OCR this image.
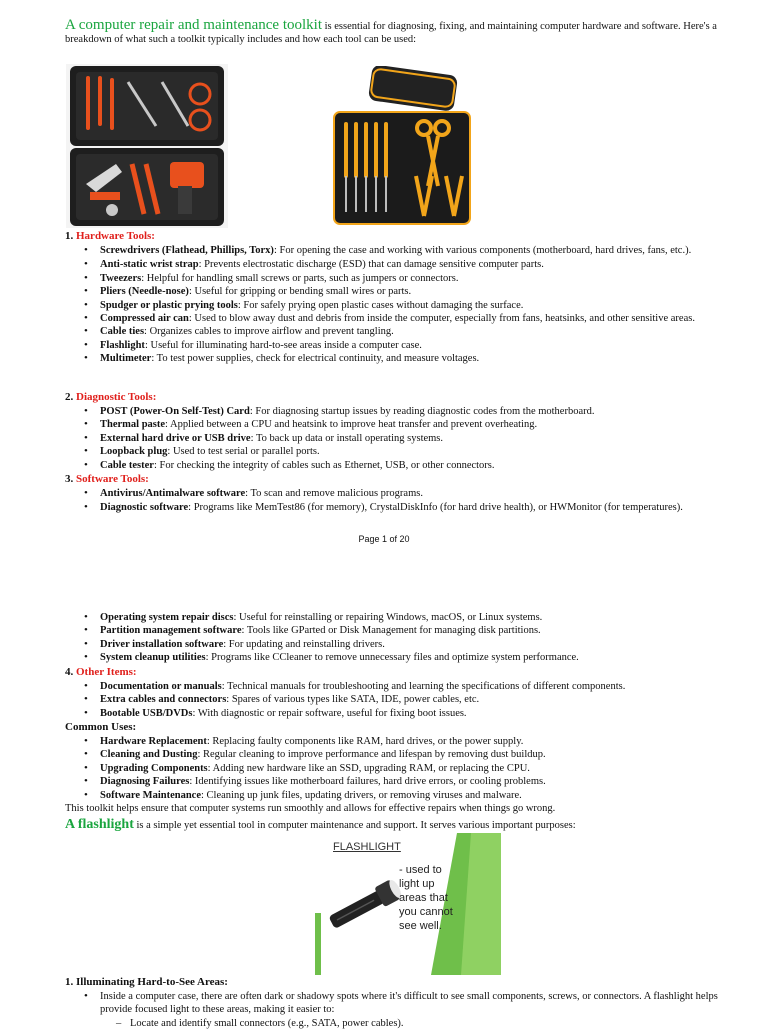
A computer repair and maintenance toolkit is essential for diagnosing, fixing, and maintaining computer hardware and software. Here's a breakdown of what such a toolkit typically includes and how each tool can be used:
1. Hardware Tools:
• Screwdrivers (Flathead, Phillips, Torx): For opening the case and working with various components (motherboard, hard drives, fans, etc.).
• Anti-static wrist strap: Prevents electrostatic discharge (ESD) that can damage sensitive computer parts.
• Tweezers: Helpful for handling small screws or parts, such as jumpers or connectors.
• Pliers (Needle-nose): Useful for gripping or bending small wires or parts.
• Spudger or plastic prying tools: For safely prying open plastic cases without damaging the surface.
• Compressed air can: Used to blow away dust and debris from inside the computer, especially from fans, heatsinks, and other sensitive areas.
• Cable ties: Organizes cables to improve airflow and prevent tangling.
• Flashlight: Useful for illuminating hard-to-see areas inside a computer case.
• Multimeter: To test power supplies, check for electrical continuity, and measure voltages.
2. Diagnostic Tools:
• POST (Power-On Self-Test) Card: For diagnosing startup issues by reading diagnostic codes from the motherboard.
• Thermal paste: Applied between a CPU and heatsink to improve heat transfer and prevent overheating.
• External hard drive or USB drive: To back up data or install operating systems.
• Loopback plug: Used to test serial or parallel ports.
• Cable tester: For checking the integrity of cables such as Ethernet, USB, or other connectors.
3. Software Tools:
• Antivirus/Antimalware software: To scan and remove malicious programs.
• Diagnostic software: Programs like MemTest86 (for memory), CrystalDiskInfo (for hard drive health), or HWMonitor (for temperatures).
Page 1 of 20
• Operating system repair discs: Useful for reinstalling or repairing Windows, macOS, or Linux systems.
• Partition management software: Tools like GParted or Disk Management for managing disk partitions.
• Driver installation software: For updating and reinstalling drivers.
• System cleanup utilities: Programs like CCleaner to remove unnecessary files and optimize system performance.
4. Other Items:
• Documentation or manuals: Technical manuals for troubleshooting and learning the specifications of different components.
• Extra cables and connectors: Spares of various types like SATA, IDE, power cables, etc.
• Bootable USB/DVDs: With diagnostic or repair software, useful for fixing boot issues.
Common Uses:
• Hardware Replacement: Replacing faulty components like RAM, hard drives, or the power supply.
• Cleaning and Dusting: Regular cleaning to improve performance and lifespan by removing dust buildup.
• Upgrading Components: Adding new hardware like an SSD, upgrading RAM, or replacing the CPU.
• Diagnosing Failures: Identifying issues like motherboard failures, hard drive errors, or cooling problems.
• Software Maintenance: Cleaning up junk files, updating drivers, or removing viruses and malware.
This toolkit helps ensure that computer systems run smoothly and allows for effective repairs when things go wrong.
A flashlight is a simple yet essential tool in computer maintenance and support. It serves various important purposes:
FLASHLIGHT
- used to light up areas that you cannot see well.
1. Illuminating Hard-to-See Areas:
• Inside a computer case, there are often dark or shadowy spots where it's difficult to see small components, screws, or connectors. A flashlight helps provide focused light to these areas, making it easier to:
– Locate and identify small connectors (e.g., SATA, power cables).
